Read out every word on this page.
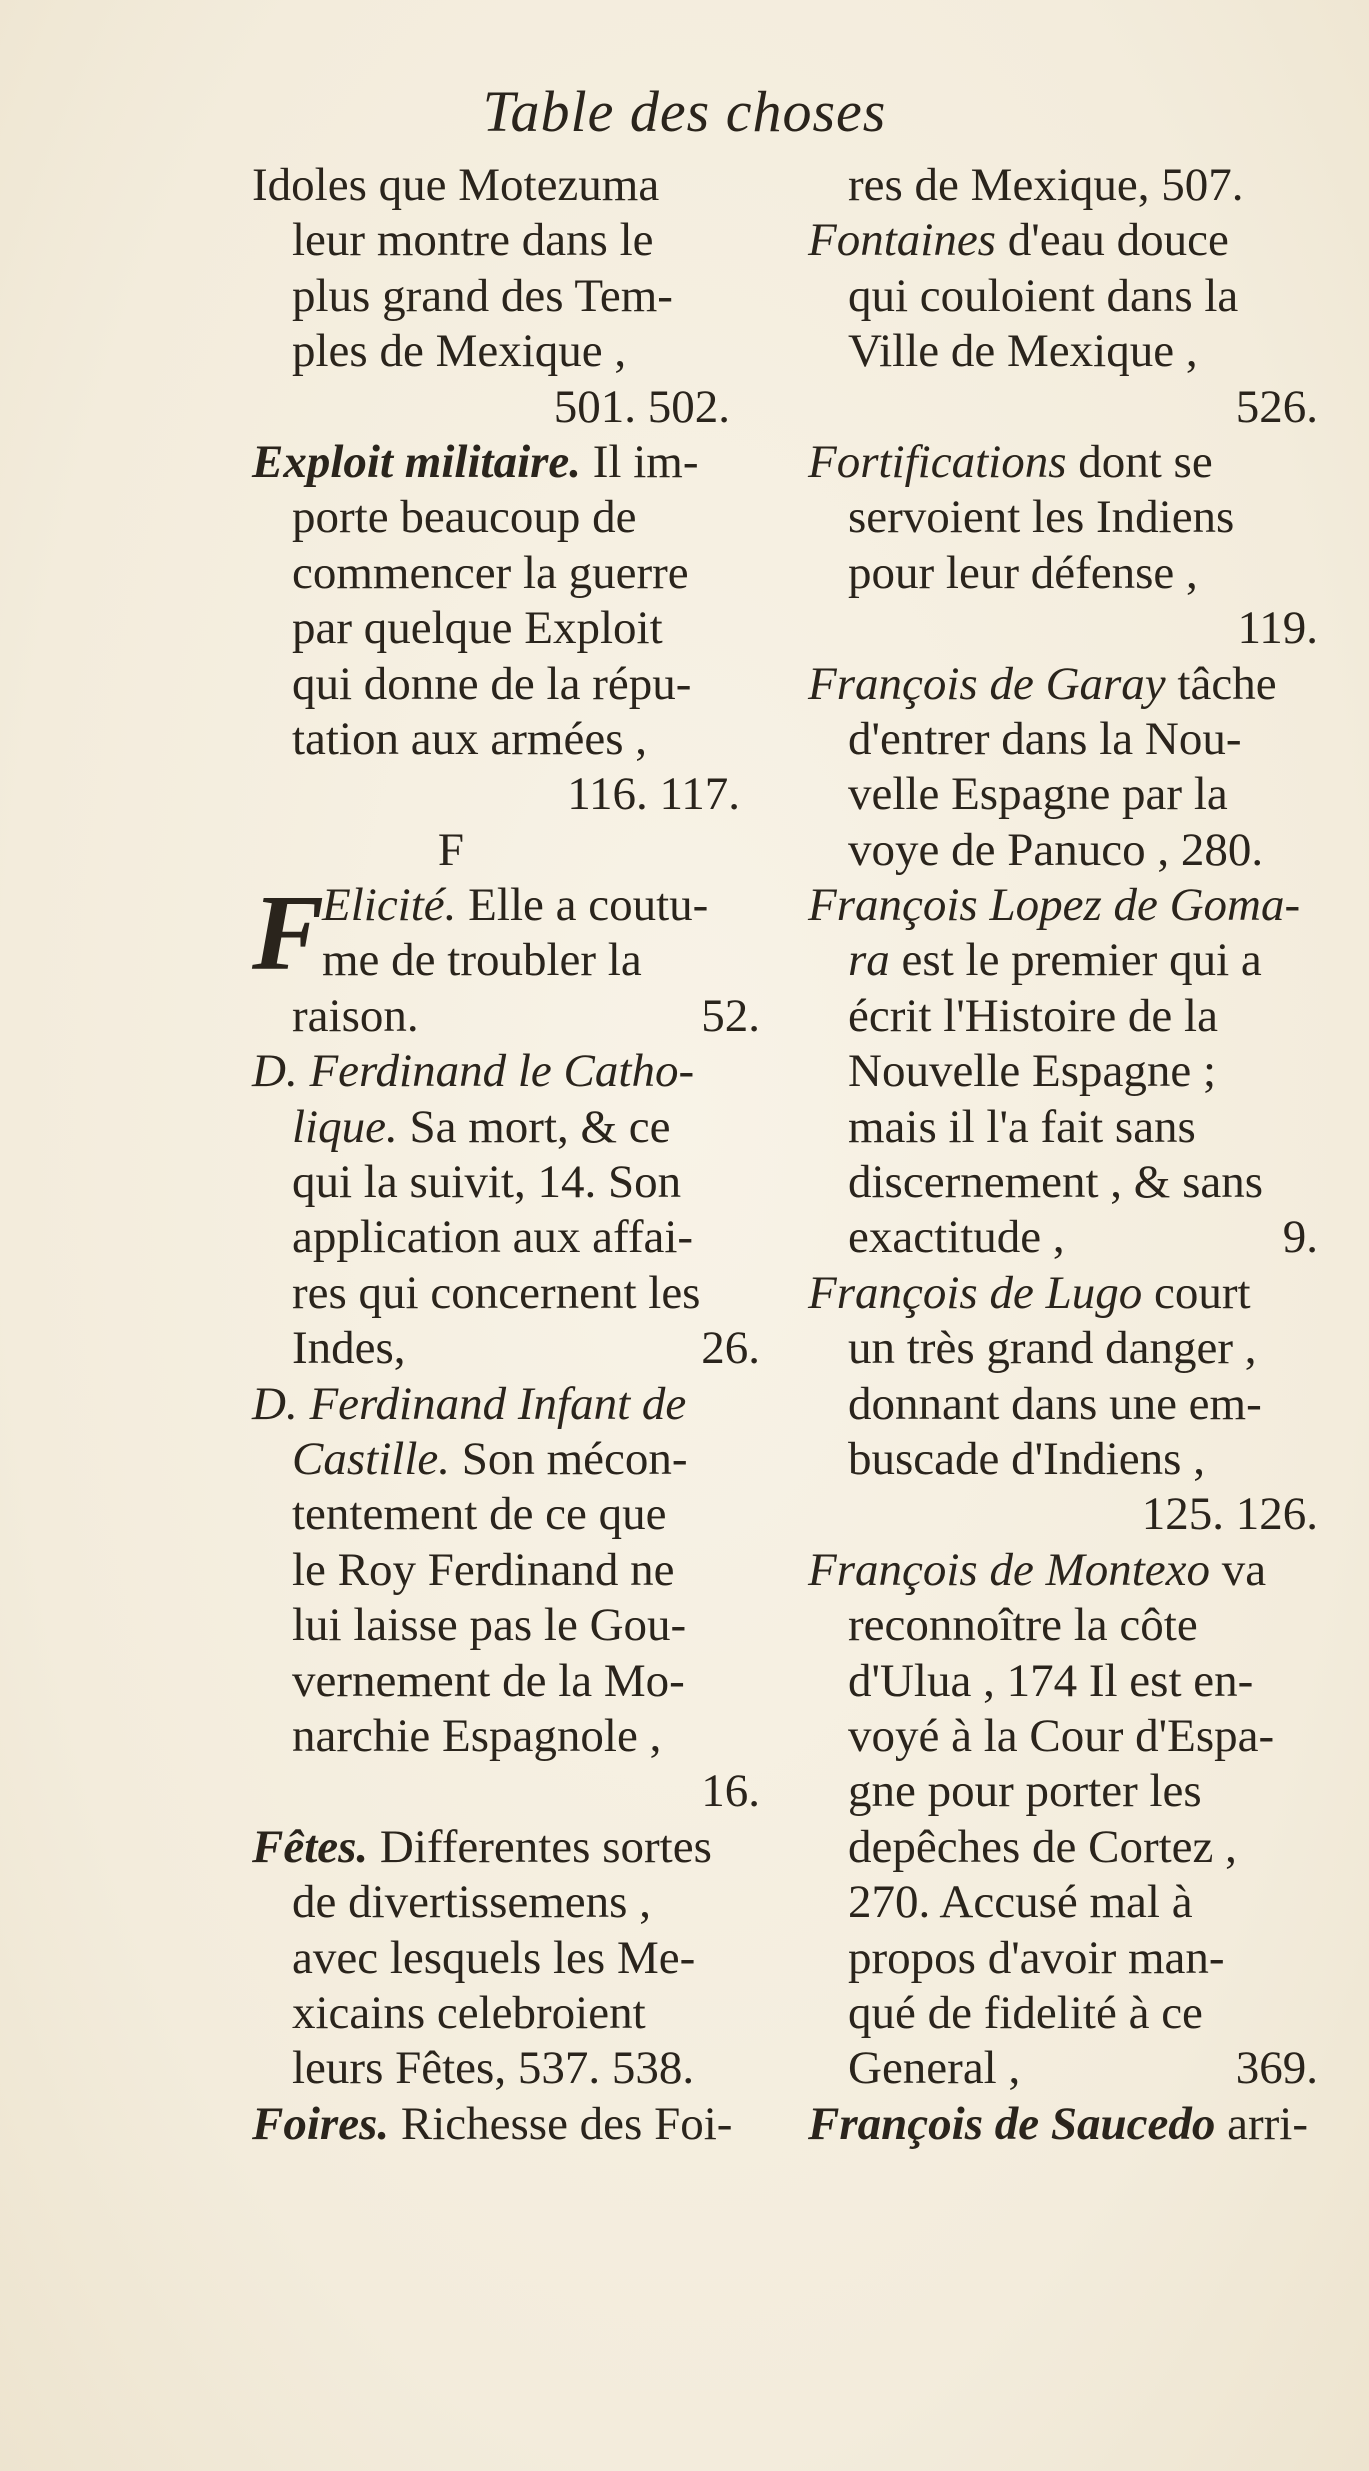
Table des choses
Idoles que Motezuma
leur montre dans le
plus grand des Tem-
ples de Mexique ,
501. 502.
Exploit militaire. Il im-
porte beaucoup de
commencer la guerre
par quelque Exploit
qui donne de la répu-
tation aux armées ,
116. 117.
F
F
Elicité. Elle a coutu-
me de troubler la
raison.	52.
D. Ferdinand le Catho-
lique. Sa mort, & ce
qui la suivit, 14. Son
application aux affai-
res qui concernent les
Indes,	26.
D. Ferdinand Infant de
Castille. Son mécon-
tentement de ce que
le Roy Ferdinand ne
lui laisse pas le Gou-
vernement de la Mo-
narchie Espagnole ,
16.
Fêtes. Differentes sortes
de divertissemens ,
avec lesquels les Me-
xicains celebroient
leurs Fêtes, 537. 538.
Foires. Richesse des Foi-
res de Mexique, 507.
Fontaines d'eau douce
qui couloient dans la
Ville de Mexique ,
526.
Fortifications dont se
servoient les Indiens
pour leur défense ,
119.
François de Garay tâche
d'entrer dans la Nou-
velle Espagne par la
voye de Panuco , 280.
François Lopez de Goma-
ra est le premier qui a
écrit l'Histoire de la
Nouvelle Espagne ;
mais il l'a fait sans
discernement , & sans
exactitude ,	9.
François de Lugo court
un très grand danger ,
donnant dans une em-
buscade d'Indiens ,
125. 126.
François de Montexo va
reconnoître la côte
d'Ulua , 174 Il est en-
voyé à la Cour d'Espa-
gne pour porter les
depêches de Cortez ,
270. Accusé mal à
propos d'avoir man-
qué de fidelité à ce
General ,	369.
François de Saucedo arri-
